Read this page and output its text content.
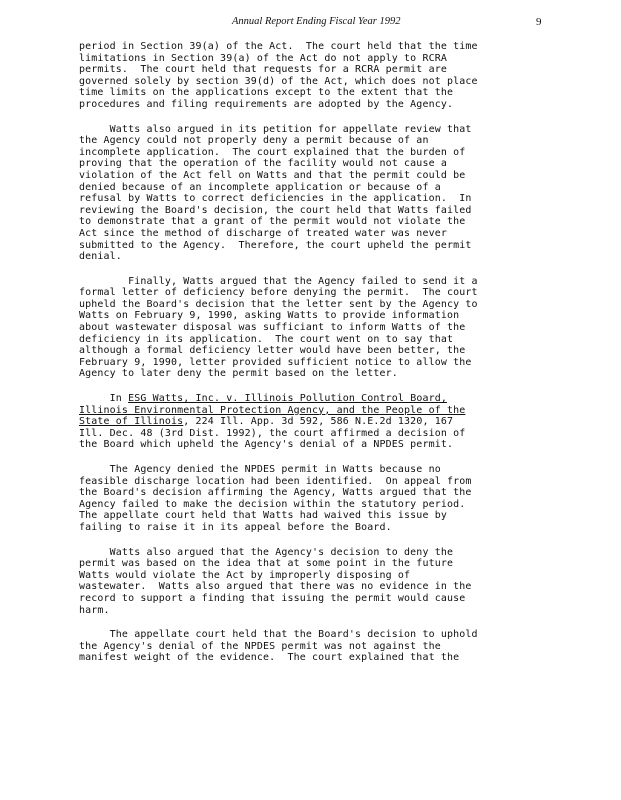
Annual Report Ending Fiscal Year 1992	9
period in Section 39(a) of the Act.  The court held that the time
limitations in Section 39(a) of the Act do not apply to RCRA
permits.  The court held that requests for a RCRA permit are
governed solely by section 39(d) of the Act, which does not place
time limits on the applications except to the extent that the
procedures and filing requirements are adopted by the Agency.
Watts also argued in its petition for appellate review that
the Agency could not properly deny a permit because of an
incomplete application.  The court explained that the burden of
proving that the operation of the facility would not cause a
violation of the Act fell on Watts and that the permit could be
denied because of an incomplete application or because of a
refusal by Watts to correct deficiencies in the application.  In
reviewing the Board's decision, the court held that Watts failed
to demonstrate that a grant of the permit would not violate the
Act since the method of discharge of treated water was never
submitted to the Agency.  Therefore, the court upheld the permit
denial.
Finally, Watts argued that the Agency failed to send it a
formal letter of deficiency before denying the permit.  The court
upheld the Board's decision that the letter sent by the Agency to
Watts on February 9, 1990, asking Watts to provide information
about wastewater disposal was sufficiant to inform Watts of the
deficiency in its application.  The court went on to say that
although a formal deficiency letter would have been better, the
February 9, 1990, letter provided sufficient notice to allow the
Agency to later deny the permit based on the letter.
In ESG Watts, Inc. v. Illinois Pollution Control Board,
Illinois Environmental Protection Agency, and the People of the
State of Illinois, 224 Ill. App. 3d 592, 586 N.E.2d 1320, 167
Ill. Dec. 48 (3rd Dist. 1992), the court affirmed a decision of
the Board which upheld the Agency's denial of a NPDES permit.
The Agency denied the NPDES permit in Watts because no
feasible discharge location had been identified.  On appeal from
the Board's decision affirming the Agency, Watts argued that the
Agency failed to make the decision within the statutory period.
The appellate court held that Watts had waived this issue by
failing to raise it in its appeal before the Board.
Watts also argued that the Agency's decision to deny the
permit was based on the idea that at some point in the future
Watts would violate the Act by improperly disposing of
wastewater.  Watts also argued that there was no evidence in the
record to support a finding that issuing the permit would cause
harm.
The appellate court held that the Board's decision to uphold
the Agency's denial of the NPDES permit was not against the
manifest weight of the evidence.  The court explained that the
